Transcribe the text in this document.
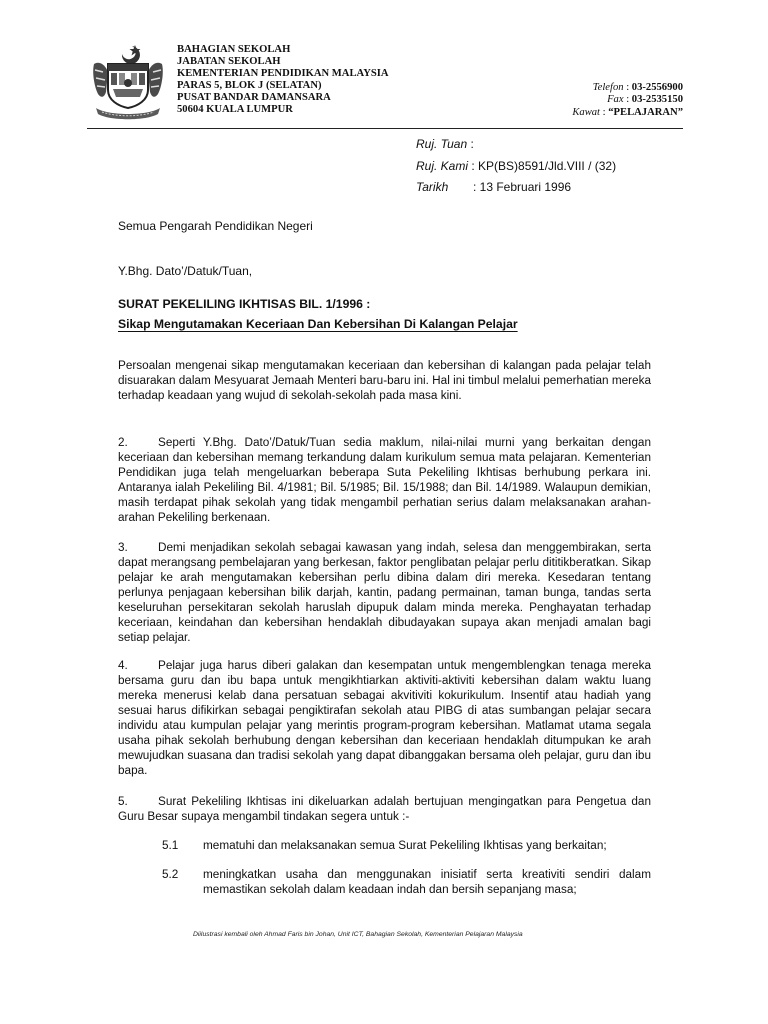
BAHAGIAN SEKOLAH
JABATAN SEKOLAH
KEMENTERIAN PENDIDIKAN MALAYSIA
PARAS 5, BLOK J (SELATAN)
PUSAT BANDAR DAMANSARA
50604 KUALA LUMPUR
Telefon : 03-2556900
Fax : 03-2535150
Kawat : “PELAJARAN”
Ruj. Tuan :
Ruj. Kami : KP(BS)8591/Jld.VIII / (32)
Tarikh : 13 Februari 1996
Semua Pengarah Pendidikan Negeri
Y.Bhg. Dato’/Datuk/Tuan,
SURAT PEKELILING IKHTISAS BIL. 1/1996 :
Sikap Mengutamakan Keceriaan Dan Kebersihan Di Kalangan Pelajar
Persoalan mengenai sikap mengutamakan keceriaan dan kebersihan di kalangan pada pelajar telah disuarakan dalam Mesyuarat Jemaah Menteri baru-baru ini. Hal ini timbul melalui pemerhatian mereka terhadap keadaan yang wujud di sekolah-sekolah pada masa kini.
2.	Seperti Y.Bhg. Dato’/Datuk/Tuan sedia maklum, nilai-nilai murni yang berkaitan dengan keceriaan dan kebersihan memang terkandung dalam kurikulum semua mata pelajaran. Kementerian Pendidikan juga telah mengeluarkan beberapa Suta Pekeliling Ikhtisas berhubung perkara ini. Antaranya ialah Pekeliling Bil. 4/1981; Bil. 5/1985; Bil. 15/1988; dan Bil. 14/1989. Walaupun demikian, masih terdapat pihak sekolah yang tidak mengambil perhatian serius dalam melaksanakan arahan-arahan Pekeliling berkenaan.
3.	Demi menjadikan sekolah sebagai kawasan yang indah, selesa dan menggembirakan, serta dapat merangsang pembelajaran yang berkesan, faktor penglibatan pelajar perlu dititikberatkan. Sikap pelajar ke arah mengutamakan kebersihan perlu dibina dalam diri mereka. Kesedaran tentang perlunya penjagaan kebersihan bilik darjah, kantin, padang permainan, taman bunga, tandas serta keseluruhan persekitaran sekolah haruslah dipupuk dalam minda mereka. Penghayatan terhadap keceriaan, keindahan dan kebersihan hendaklah dibudayakan supaya akan menjadi amalan bagi setiap pelajar.
4.	Pelajar juga harus diberi galakan dan kesempatan untuk mengemblengkan tenaga mereka bersama guru dan ibu bapa untuk mengikhtiarkan aktiviti-aktiviti kebersihan dalam waktu luang mereka menerusi kelab dana persatuan sebagai akvitiviti kokurikulum. Insentif atau hadiah yang sesuai harus difikirkan sebagai pengiktirafan sekolah atau PIBG di atas sumbangan pelajar secara individu atau kumpulan pelajar yang merintis program-program kebersihan. Matlamat utama segala usaha pihak sekolah berhubung dengan kebersihan dan keceriaan hendaklah ditumpukan ke arah mewujudkan suasana dan tradisi sekolah yang dapat dibanggakan bersama oleh pelajar, guru dan ibu bapa.
5.	Surat Pekeliling Ikhtisas ini dikeluarkan adalah bertujuan mengingatkan para Pengetua dan Guru Besar supaya mengambil tindakan segera untuk :-
5.1 mematuhi dan melaksanakan semua Surat Pekeliling Ikhtisas yang berkaitan;
5.2 meningkatkan usaha dan menggunakan inisiatif serta kreativiti sendiri dalam memastikan sekolah dalam keadaan indah dan bersih sepanjang masa;
Diilustrasi kembali oleh Ahmad Faris bin Johan, Unit ICT, Bahagian Sekolah, Kementerian Pelajaran Malaysia
